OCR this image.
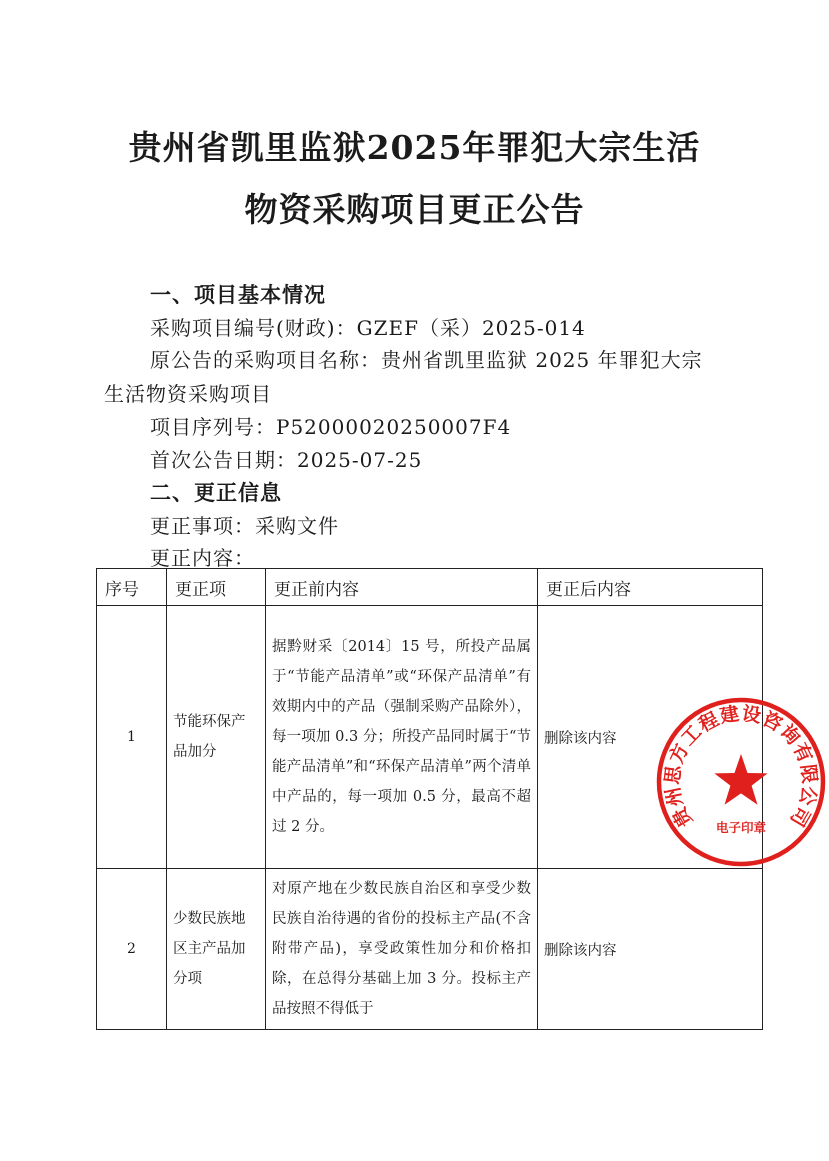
贵州省凯里监狱2025年罪犯大宗生活
物资采购项目更正公告
一、项目基本情况
采购项目编号(财政)：GZEF（采）2025-014
原公告的采购项目名称：贵州省凯里监狱 2025 年罪犯大宗
生活物资采购项目
项目序列号：P52000020250007F4
首次公告日期：2025-07-25
二、更正信息
更正事项：采购文件
更正内容：
序号	更正项	更正前内容	更正后内容
1	节能环保产品加分	据黔财采〔2014〕15 号，所投产品属于“节能产品清单”或“环保产品清单”有效期内中的产品（强制采购产品除外），每一项加 0.3 分；所投产品同时属于“节能产品清单”和“环保产品清单”两个清单中产品的，每一项加 0.5 分，最高不超过 2 分。	删除该内容
2	少数民族地区主产品加分项	对原产地在少数民族自治区和享受少数民族自治待遇的省份的投标主产品(不含附带产品)，享受政策性加分和价格扣除，在总得分基础上加 3 分。投标主产品按照不得低于	删除该内容
贵州思方工程建设咨询有限公司
电子印章
